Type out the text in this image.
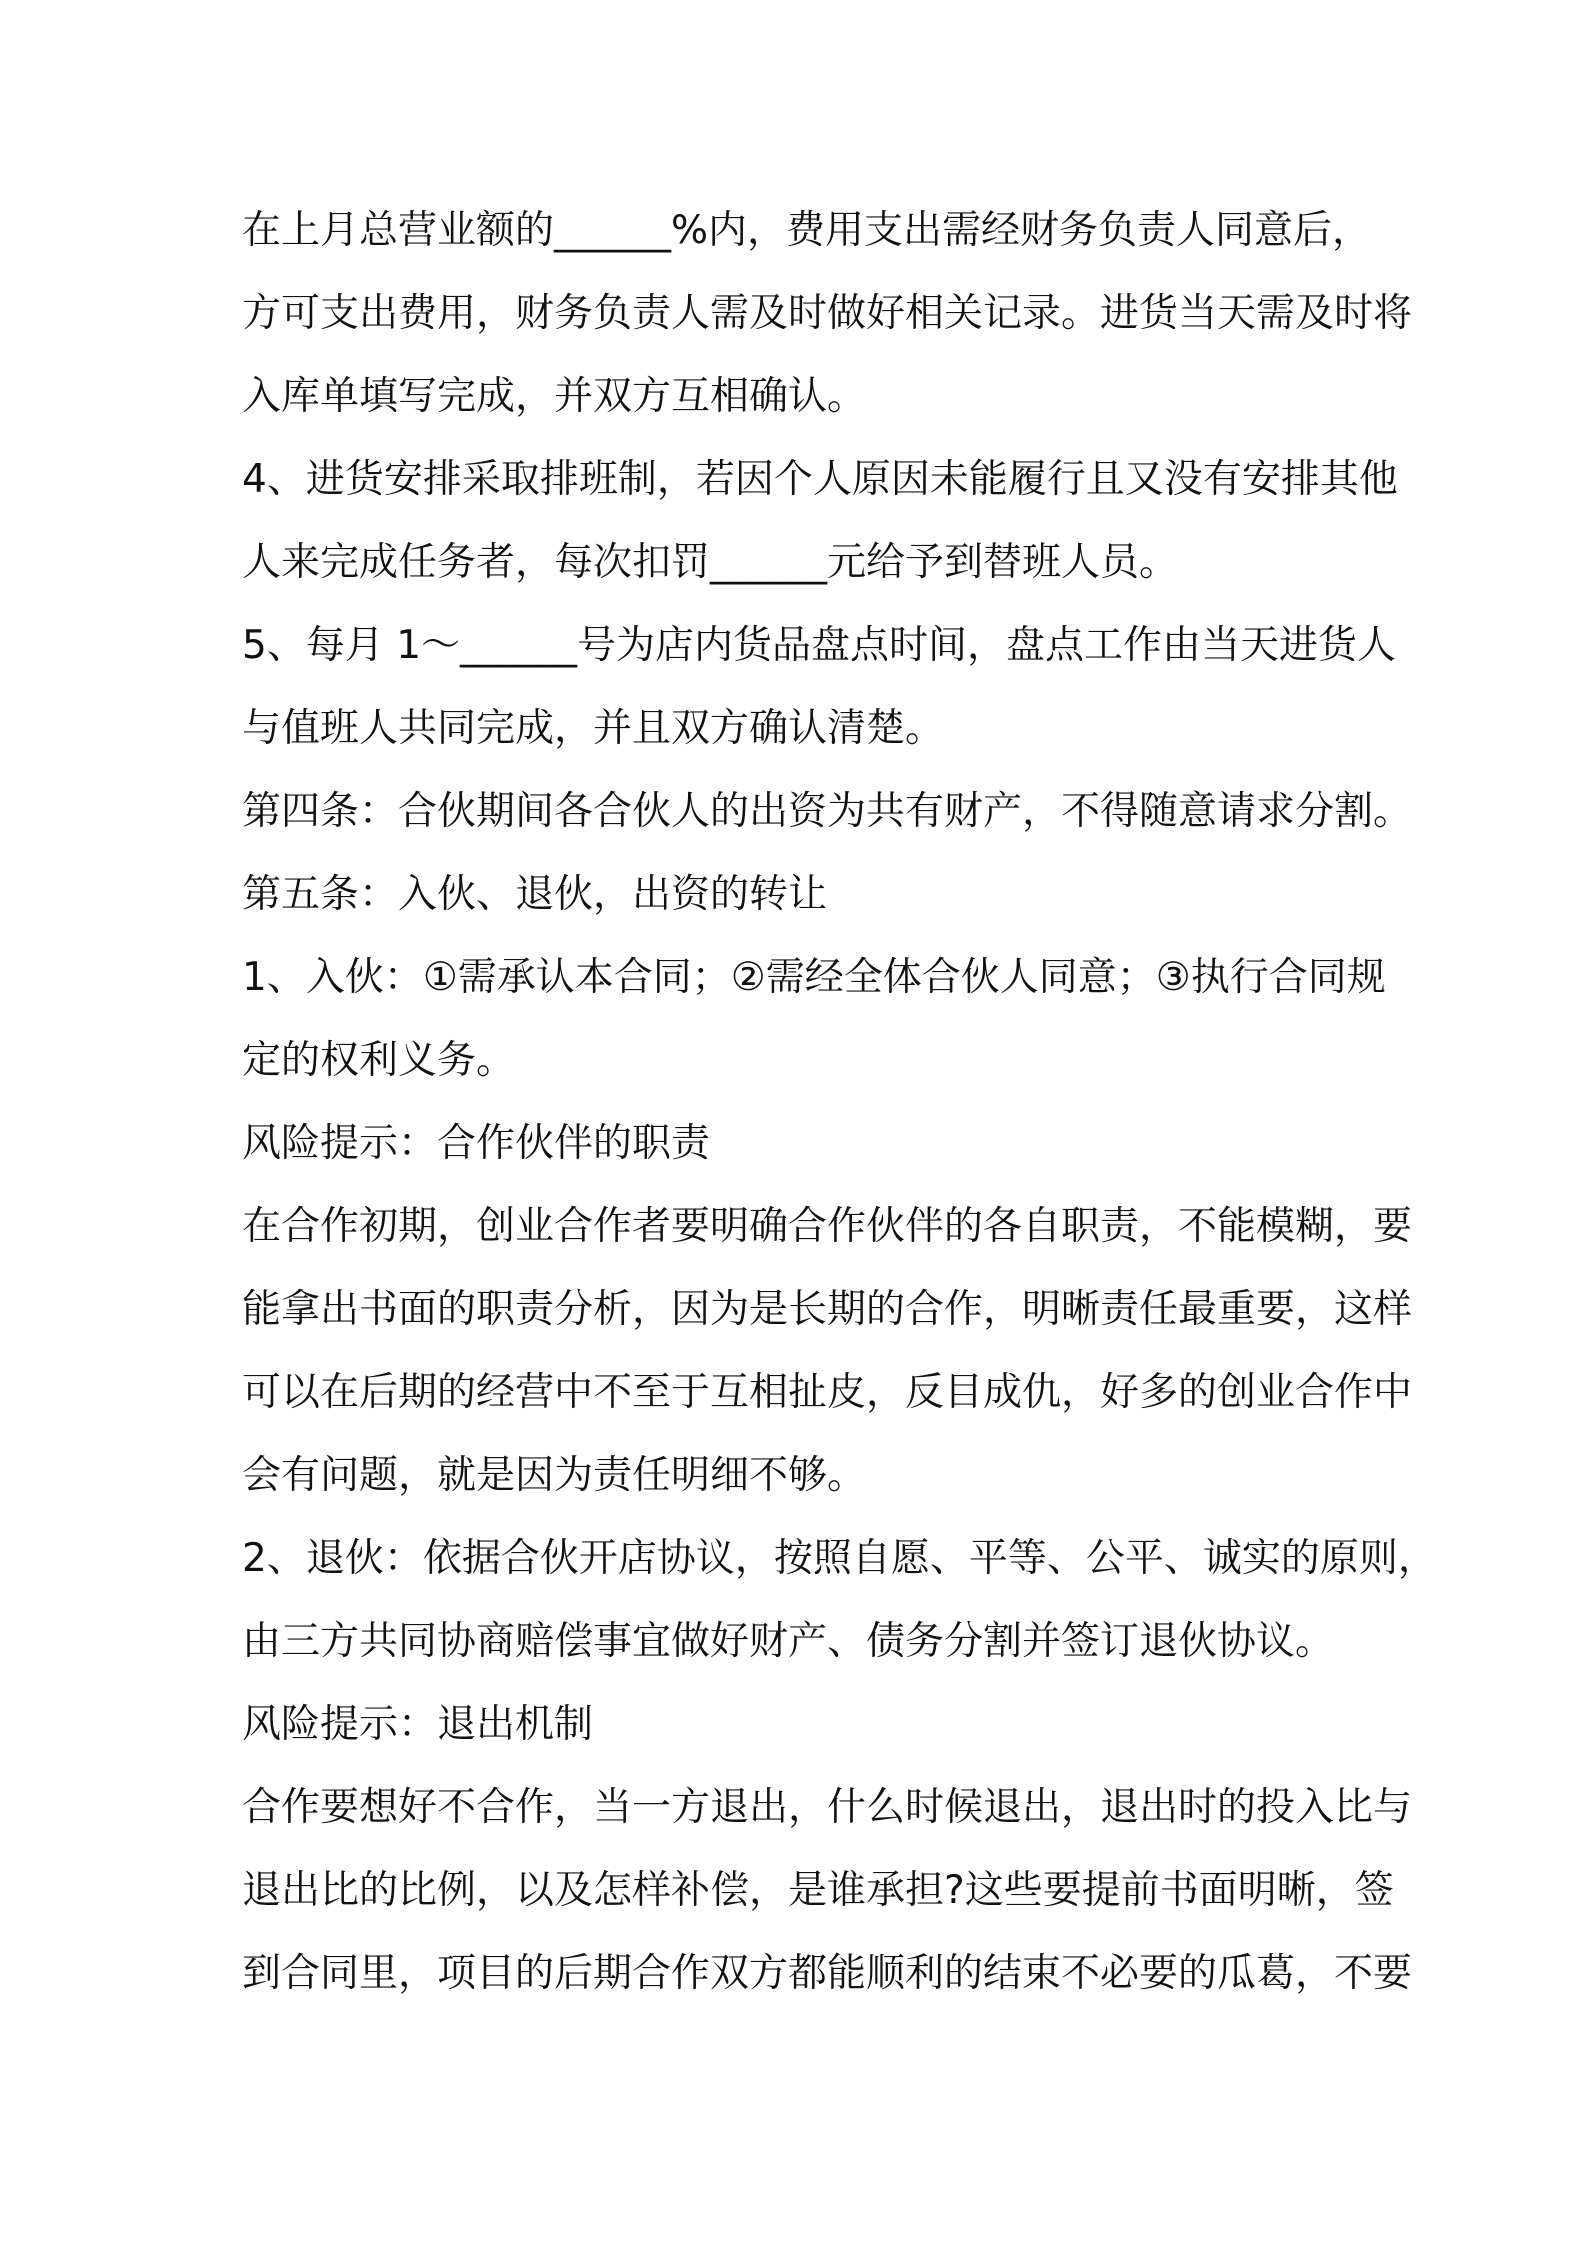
在上月总营业额的______%内，费用支出需经财务负责人同意后，
方可支出费用，财务负责人需及时做好相关记录。进货当天需及时将
入库单填写完成，并双方互相确认。
4、进货安排采取排班制，若因个人原因未能履行且又没有安排其他
人来完成任务者，每次扣罚______元给予到替班人员。
5、每月 1～______号为店内货品盘点时间，盘点工作由当天进货人
与值班人共同完成，并且双方确认清楚。
第四条：合伙期间各合伙人的出资为共有财产，不得随意请求分割。
第五条：入伙、退伙，出资的转让
1、入伙：①需承认本合同；②需经全体合伙人同意；③执行合同规
定的权利义务。
风险提示：合作伙伴的职责
在合作初期，创业合作者要明确合作伙伴的各自职责，不能模糊，要
能拿出书面的职责分析，因为是长期的合作，明晰责任最重要，这样
可以在后期的经营中不至于互相扯皮，反目成仇，好多的创业合作中
会有问题，就是因为责任明细不够。
2、退伙：依据合伙开店协议，按照自愿、平等、公平、诚实的原则，
由三方共同协商赔偿事宜做好财产、债务分割并签订退伙协议。
风险提示：退出机制
合作要想好不合作，当一方退出，什么时候退出，退出时的投入比与
退出比的比例，以及怎样补偿，是谁承担?这些要提前书面明晰，签
到合同里，项目的后期合作双方都能顺利的结束不必要的瓜葛，不要
